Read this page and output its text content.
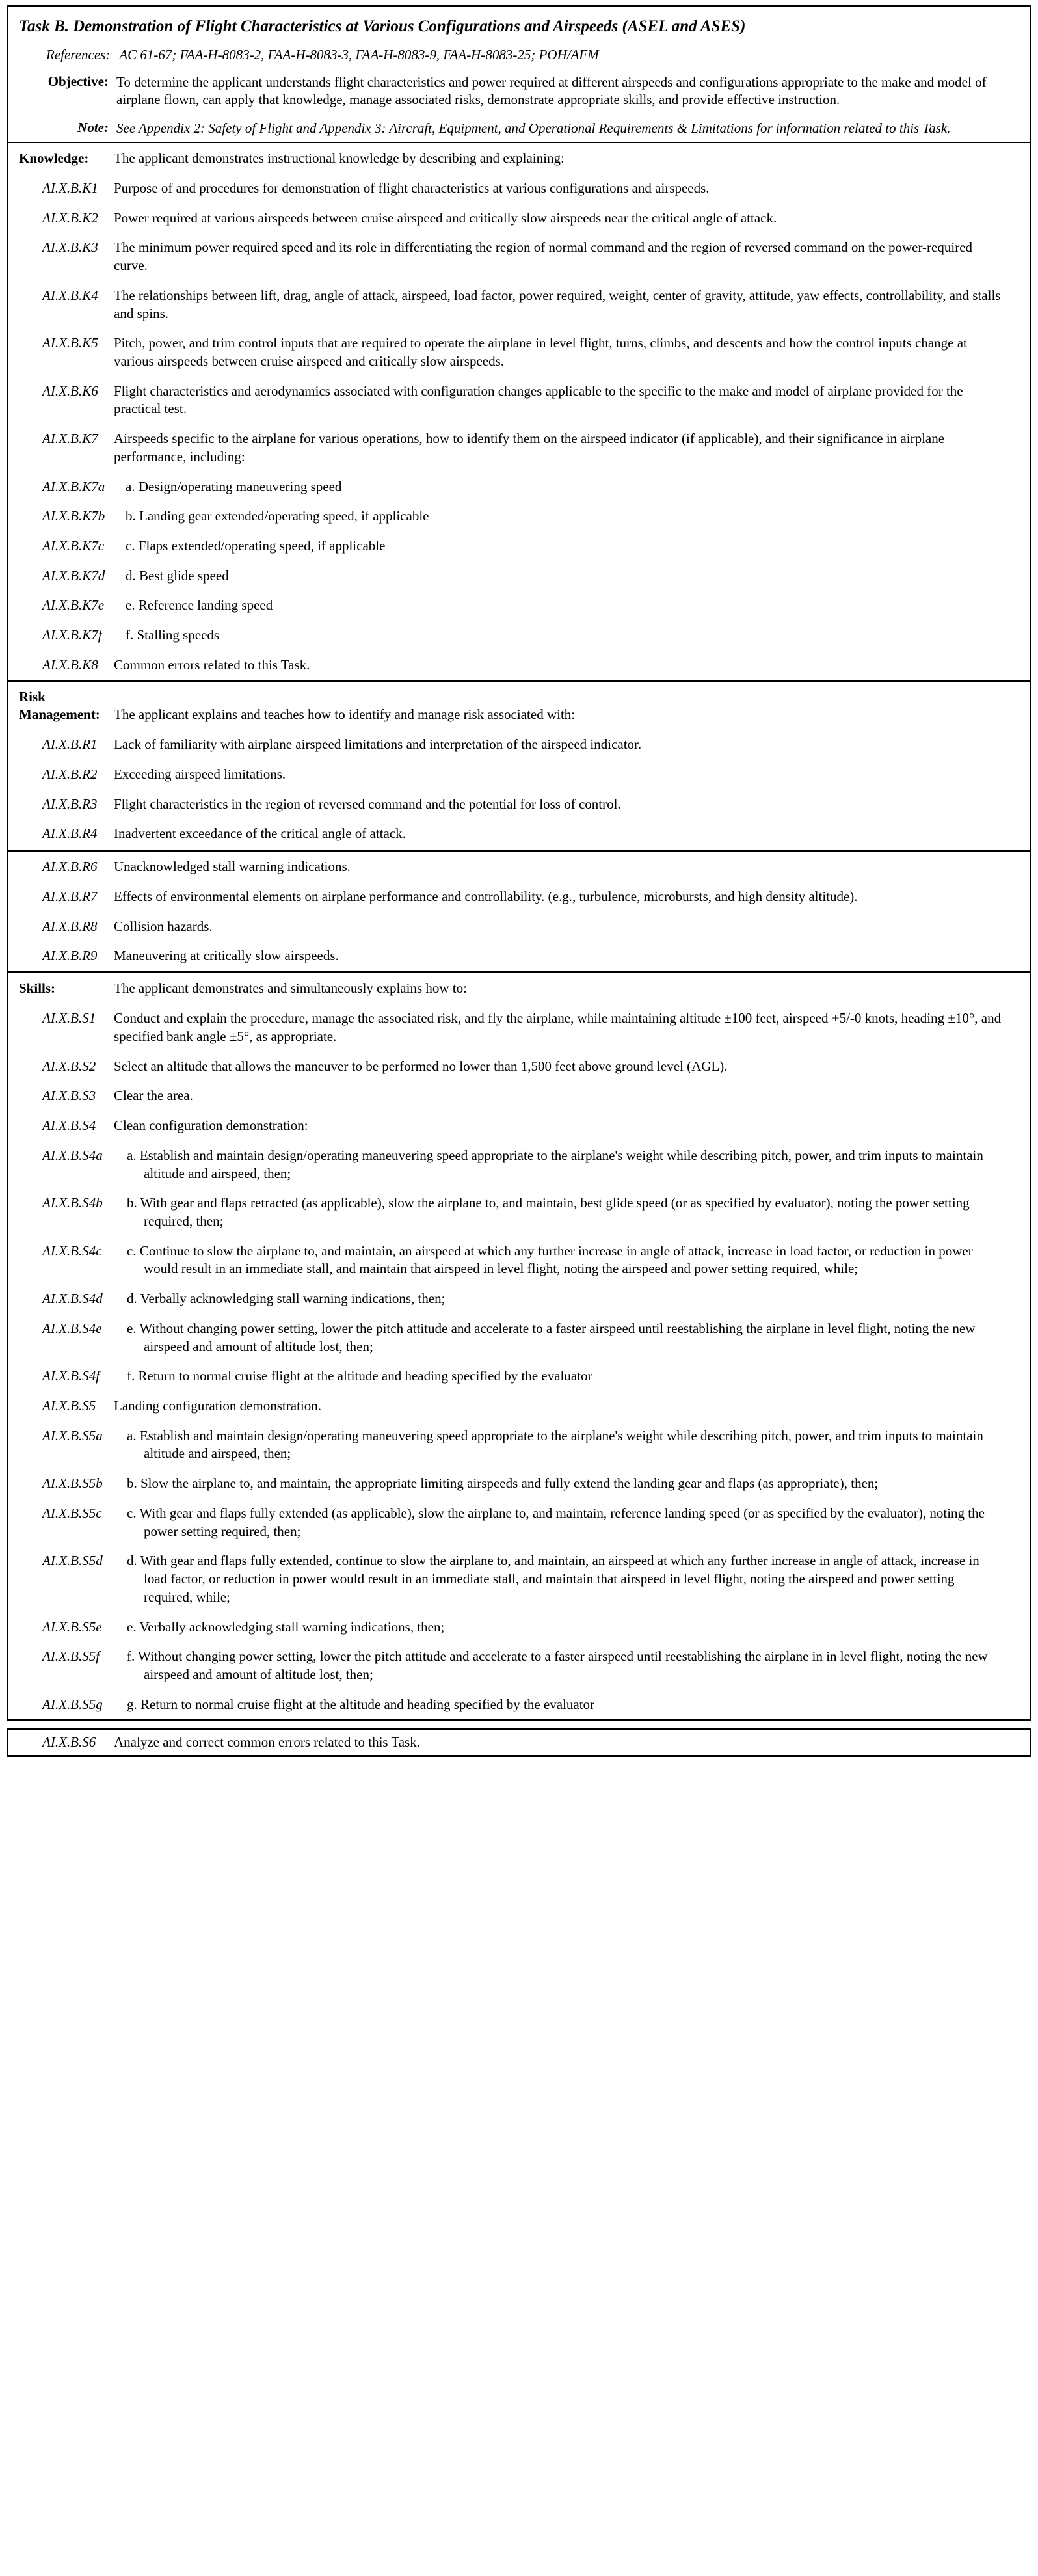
Task B. Demonstration of Flight Characteristics at Various Configurations and Airspeeds (ASEL and ASES)
References: AC 61-67; FAA-H-8083-2, FAA-H-8083-3, FAA-H-8083-9, FAA-H-8083-25; POH/AFM
Objective: To determine the applicant understands flight characteristics and power required at different airspeeds and configurations appropriate to the make and model of airplane flown, can apply that knowledge, manage associated risks, demonstrate appropriate skills, and provide effective instruction.
Note: See Appendix 2: Safety of Flight and Appendix 3: Aircraft, Equipment, and Operational Requirements & Limitations for information related to this Task.
Knowledge:	The applicant demonstrates instructional knowledge by describing and explaining:
AI.X.B.K1	Purpose of and procedures for demonstration of flight characteristics at various configurations and airspeeds.
AI.X.B.K2	Power required at various airspeeds between cruise airspeed and critically slow airspeeds near the critical angle of attack.
AI.X.B.K3	The minimum power required speed and its role in differentiating the region of normal command and the region of reversed command on the power-required curve.
AI.X.B.K4	The relationships between lift, drag, angle of attack, airspeed, load factor, power required, weight, center of gravity, attitude, yaw effects, controllability, and stalls and spins.
AI.X.B.K5	Pitch, power, and trim control inputs that are required to operate the airplane in level flight, turns, climbs, and descents and how the control inputs change at various airspeeds between cruise airspeed and critically slow airspeeds.
AI.X.B.K6	Flight characteristics and aerodynamics associated with configuration changes applicable to the specific to the make and model of airplane provided for the practical test.
AI.X.B.K7	Airspeeds specific to the airplane for various operations, how to identify them on the airspeed indicator (if applicable), and their significance in airplane performance, including:
AI.X.B.K7a	a. Design/operating maneuvering speed
AI.X.B.K7b	b. Landing gear extended/operating speed, if applicable
AI.X.B.K7c	c. Flaps extended/operating speed, if applicable
AI.X.B.K7d	d. Best glide speed
AI.X.B.K7e	e. Reference landing speed
AI.X.B.K7f	f. Stalling speeds
AI.X.B.K8	Common errors related to this Task.
Risk
Management:	The applicant explains and teaches how to identify and manage risk associated with:
AI.X.B.R1	Lack of familiarity with airplane airspeed limitations and interpretation of the airspeed indicator.
AI.X.B.R2	Exceeding airspeed limitations.
AI.X.B.R3	Flight characteristics in the region of reversed command and the potential for loss of control.
AI.X.B.R4	Inadvertent exceedance of the critical angle of attack.
AI.X.B.R6	Unacknowledged stall warning indications.
AI.X.B.R7	Effects of environmental elements on airplane performance and controllability. (e.g., turbulence, microbursts, and high density altitude).
AI.X.B.R8	Collision hazards.
AI.X.B.R9	Maneuvering at critically slow airspeeds.
Skills:	The applicant demonstrates and simultaneously explains how to:
AI.X.B.S1	Conduct and explain the procedure, manage the associated risk, and fly the airplane, while maintaining altitude ±100 feet, airspeed +5/-0 knots, heading ±10°, and specified bank angle ±5°, as appropriate.
AI.X.B.S2	Select an altitude that allows the maneuver to be performed no lower than 1,500 feet above ground level (AGL).
AI.X.B.S3	Clear the area.
AI.X.B.S4	Clean configuration demonstration:
AI.X.B.S4a	a. Establish and maintain design/operating maneuvering speed appropriate to the airplane's weight while describing pitch, power, and trim inputs to maintain altitude and airspeed, then;
AI.X.B.S4b	b. With gear and flaps retracted (as applicable), slow the airplane to, and maintain, best glide speed (or as specified by evaluator), noting the power setting required, then;
AI.X.B.S4c	c. Continue to slow the airplane to, and maintain, an airspeed at which any further increase in angle of attack, increase in load factor, or reduction in power would result in an immediate stall, and maintain that airspeed in level flight, noting the airspeed and power setting required, while;
AI.X.B.S4d	d. Verbally acknowledging stall warning indications, then;
AI.X.B.S4e	e. Without changing power setting, lower the pitch attitude and accelerate to a faster airspeed until reestablishing the airplane in level flight, noting the new airspeed and amount of altitude lost, then;
AI.X.B.S4f	f. Return to normal cruise flight at the altitude and heading specified by the evaluator
AI.X.B.S5	Landing configuration demonstration.
AI.X.B.S5a	a. Establish and maintain design/operating maneuvering speed appropriate to the airplane's weight while describing pitch, power, and trim inputs to maintain altitude and airspeed, then;
AI.X.B.S5b	b. Slow the airplane to, and maintain, the appropriate limiting airspeeds and fully extend the landing gear and flaps (as appropriate), then;
AI.X.B.S5c	c. With gear and flaps fully extended (as applicable), slow the airplane to, and maintain, reference landing speed (or as specified by the evaluator), noting the power setting required, then;
AI.X.B.S5d	d. With gear and flaps fully extended, continue to slow the airplane to, and maintain, an airspeed at which any further increase in angle of attack, increase in load factor, or reduction in power would result in an immediate stall, and maintain that airspeed in level flight, noting the airspeed and power setting required, while;
AI.X.B.S5e	e. Verbally acknowledging stall warning indications, then;
AI.X.B.S5f	f. Without changing power setting, lower the pitch attitude and accelerate to a faster airspeed until reestablishing the airplane in in level flight, noting the new airspeed and amount of altitude lost, then;
AI.X.B.S5g	g. Return to normal cruise flight at the altitude and heading specified by the evaluator
AI.X.B.S6	Analyze and correct common errors related to this Task.
